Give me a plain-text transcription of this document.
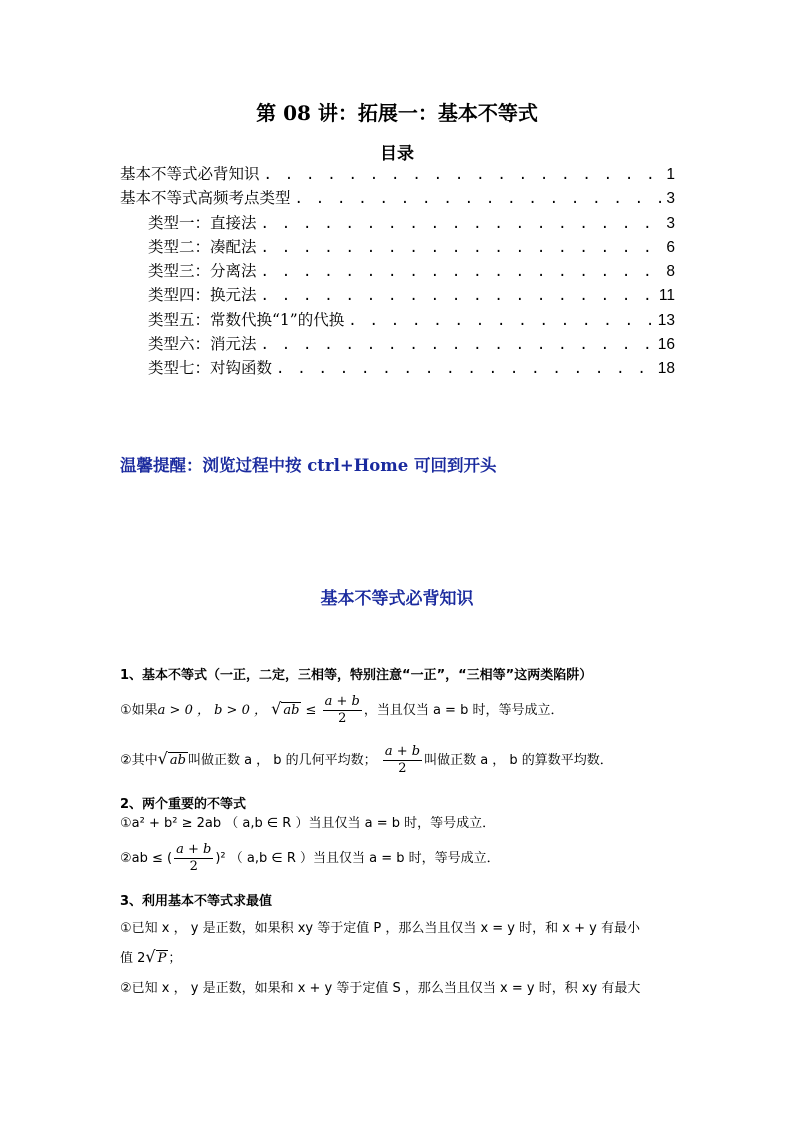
第 08 讲：拓展一：基本不等式
目录
基本不等式必背知识 . . .	1
基本不等式高频考点类型 . . .	3
类型一：直接法 . . .	3
类型二：凑配法 . . .	6
类型三：分离法 . . .	8
类型四：换元法 . . .	11
类型五：常数代换“1”的代换 . . .	13
类型六：消元法 . . .	16
类型七：对钩函数 . . .	18
温馨提醒：浏览过程中按 ctrl+Home 可回到开头
基本不等式必背知识
1、基本不等式（一正，二定，三相等，特别注意“一正”，“三相等”这两类陷阱）
①如果a > 0 ， b > 0 ， √ ab ≤ $\frac{a + b}{2}$ ，当且仅当 a = b 时，等号成立．
②其中√ ab 叫做正数 a ， b 的几何平均数； $\frac{a + b}{2}$ 叫做正数 a ， b 的算数平均数．
2、两个重要的不等式
①a² + b² ≥ 2ab （ a,b ∈ R ）当且仅当 a = b 时，等号成立．
②ab ≤ ( $\frac{a + b}{2} )^2$ （ a,b ∈ R ）当且仅当 a = b 时，等号成立．
3、利用基本不等式求最值
①已知 x ， y 是正数，如果积 xy 等于定值 P ，那么当且仅当 x = y 时，和 x + y 有最小
值 2√ P ；
②已知 x ， y 是正数，如果和 x + y 等于定值 S ，那么当且仅当 x = y 时，积 xy 有最大
